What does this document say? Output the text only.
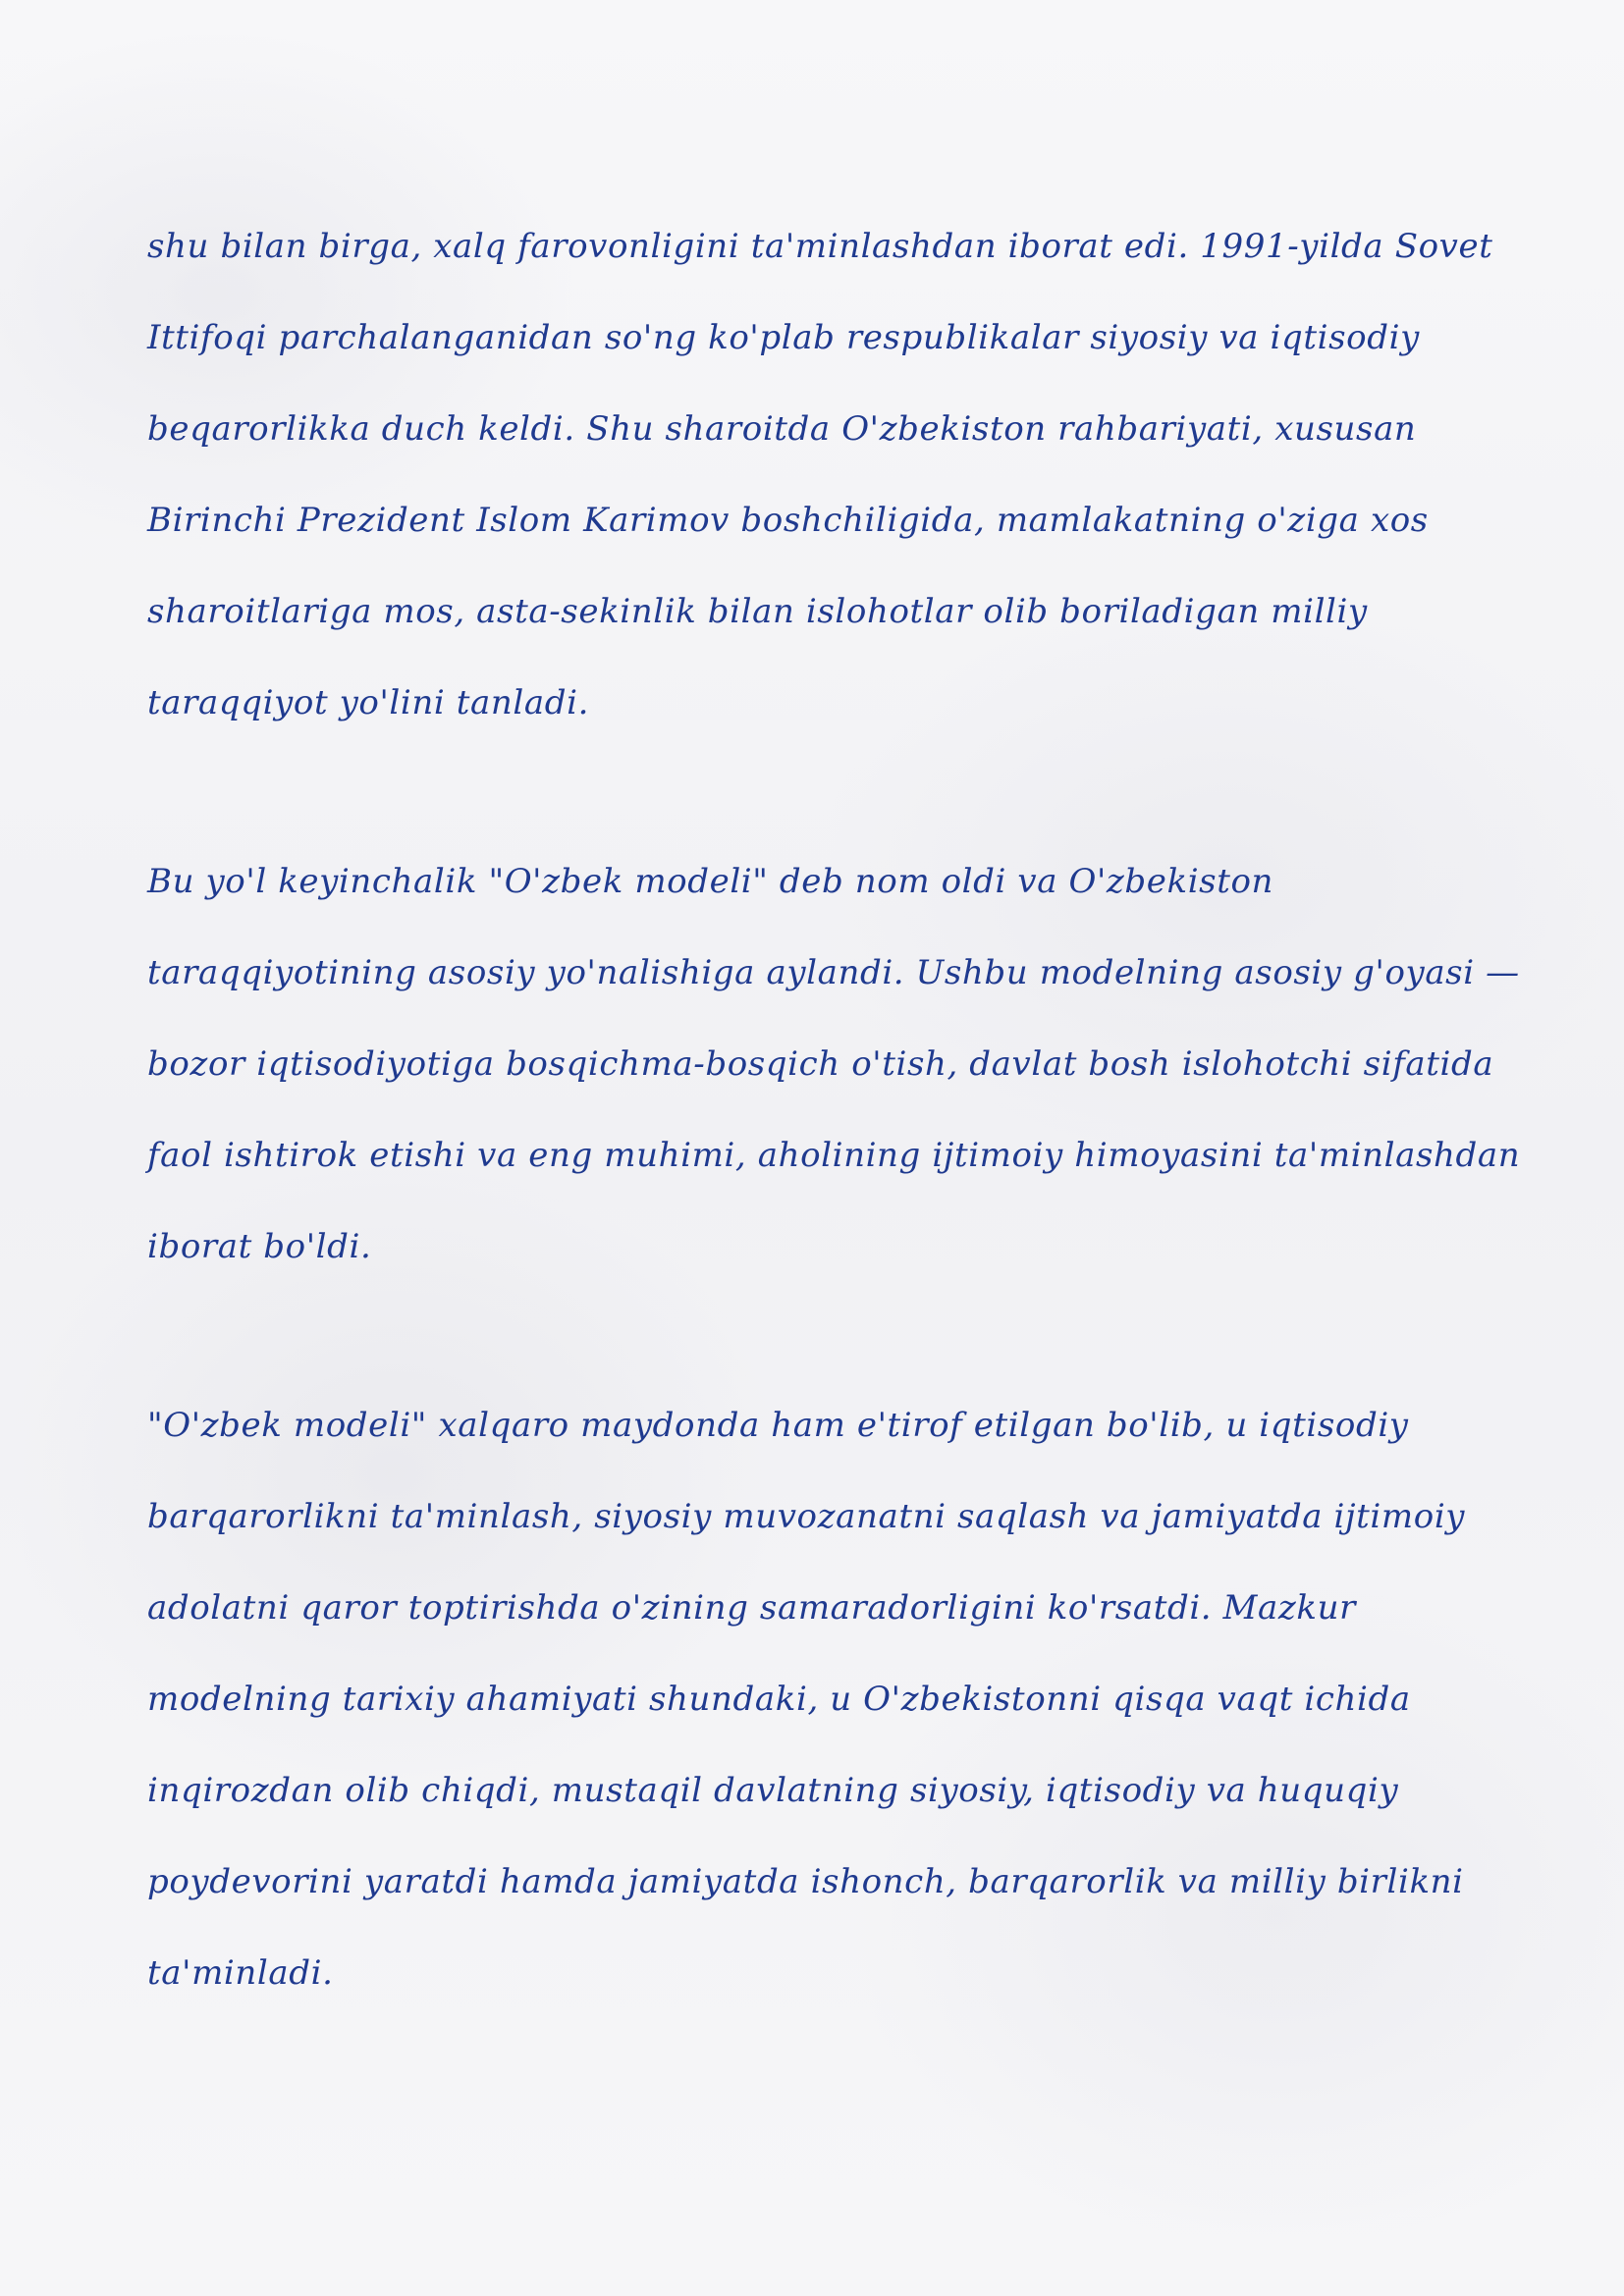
shu bilan birga, xalq farovonligini ta'minlashdan iborat edi. 1991-yilda Sovet
Ittifoqi parchalanganidan so'ng ko'plab respublikalar siyosiy va iqtisodiy
beqarorlikka duch keldi. Shu sharoitda O'zbekiston rahbariyati, xususan
Birinchi Prezident Islom Karimov boshchiligida, mamlakatning o'ziga xos
sharoitlariga mos, asta-sekinlik bilan islohotlar olib boriladigan milliy
taraqqiyot yo'lini tanladi.
Bu yo'l keyinchalik "O'zbek modeli" deb nom oldi va O'zbekiston
taraqqiyotining asosiy yo'nalishiga aylandi. Ushbu modelning asosiy g'oyasi —
bozor iqtisodiyotiga bosqichma-bosqich o'tish, davlat bosh islohotchi sifatida
faol ishtirok etishi va eng muhimi, aholining ijtimoiy himoyasini ta'minlashdan
iborat bo'ldi.
"O'zbek modeli" xalqaro maydonda ham e'tirof etilgan bo'lib, u iqtisodiy
barqarorlikni ta'minlash, siyosiy muvozanatni saqlash va jamiyatda ijtimoiy
adolatni qaror toptirishda o'zining samaradorligini ko'rsatdi. Mazkur
modelning tarixiy ahamiyati shundaki, u O'zbekistonni qisqa vaqt ichida
inqirozdan olib chiqdi, mustaqil davlatning siyosiy, iqtisodiy va huquqiy
poydevorini yaratdi hamda jamiyatda ishonch, barqarorlik va milliy birlikni
ta'minladi.
